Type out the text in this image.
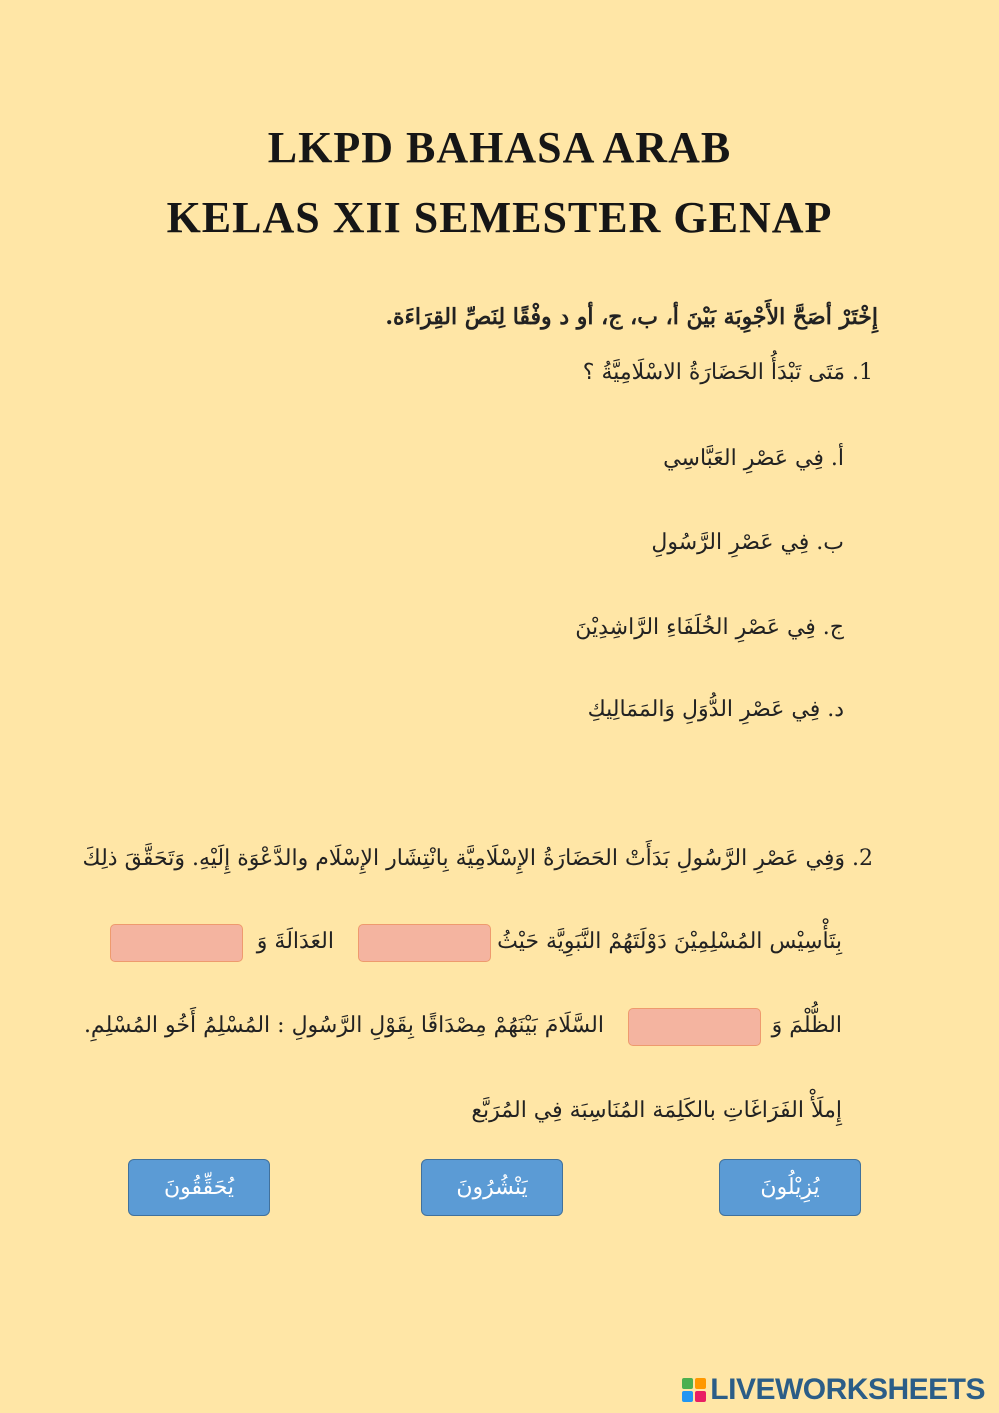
LKPD BAHASA ARAB
KELAS XII SEMESTER GENAP
إِخْتَرْ أصَحَّ الأَجْوِبَة بَيْنَ أ، ب، ج، أو د وفْقًا لِنَصِّ القِرَاءَة.
1. مَتَى تَبْدَأُ الحَضَارَةُ الاسْلَامِيَّةُ ؟
أ. فِي عَصْرِ العَبَّاسِي
ب. فِي عَصْرِ الرَّسُولِ
ج. فِي عَصْرِ الخُلَفَاءِ الرَّاشِدِيْنَ
د. فِي عَصْرِ الدُّوَلِ وَالمَمَالِيكِ
2. وَفِي عَصْرِ الرَّسُولِ بَدَأَتْ الحَضَارَةُ الإِسْلَامِيَّة بِانْتِشَار الإِسْلَام والدَّعْوَة إِلَيْهِ. وَتَحَقَّقَ ذلِكَ
بِتَأْسِيْس المُسْلِمِيْنَ دَوْلَتَهُمْ النَّبَوِيَّة حَيْثُ
العَدَالَةَ وَ
الظُّلْمَ وَ
السَّلَامَ بَيْنَهُمْ مِصْدَاقًا بِقَوْلِ الرَّسُولِ : المُسْلِمُ أَخُو المُسْلِمِ.
إِملَأْ الفَرَاغَاتِ بالكَلِمَة المُنَاسِبَة فِي المُرَبَّع
يُزِيْلُونَ
يَنْشُرُونَ
يُحَقِّقُونَ
LIVEWORKSHEETS
